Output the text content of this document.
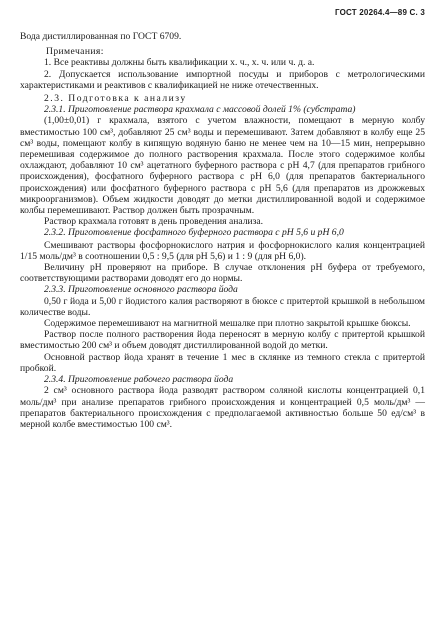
ГОСТ 20264.4—89 С. 3

Вода дистиллированная по ГОСТ 6709.

Примечания:

1. Все реактивы должны быть квалификации х. ч., х. ч. или ч. д. а.

2. Допускается использование импортной посуды и приборов с метрологическими характеристиками и реактивов с квалификацией не ниже отечественных.

2.3. Подготовка к анализу

2.3.1. Приготовление раствора крахмала с массовой долей 1% (субстрата)

(1,00±0,01) г крахмала, взятого с учетом влажности, помещают в мерную колбу вместимостью 100 см³, добавляют 25 см³ воды и перемешивают. Затем добавляют в колбу еще 25 см³ воды, помещают колбу в кипящую водяную баню не менее чем на 10—15 мин, непрерывно перемешивая содержимое до полного растворения крахмала. После этого содержимое колбы охлаждают, добавляют 10 см³ ацетатного буферного раствора с pH 4,7 (для препаратов грибного происхождения), фосфатного буферного раствора с pH 6,0 (для препаратов бактериального происхождения) или фосфатного буферного раствора с pH 5,6 (для препаратов из дрожжевых микроорганизмов). Объем жидкости доводят до метки дистиллированной водой и содержимое колбы перемешивают. Раствор должен быть прозрачным.

Раствор крахмала готовят в день проведения анализа.

2.3.2. Приготовление фосфатного буферного раствора с pH 5,6 и pH 6,0

Смешивают растворы фосфорнокислого натрия и фосфорнокислого калия концентрацией 1/15 моль/дм³ в соотношении 0,5 : 9,5 (для pH 5,6) и 1 : 9 (для pH 6,0).

Величину pH проверяют на приборе. В случае отклонения pH буфера от требуемого, соответствующими растворами доводят его до нормы.

2.3.3. Приготовление основного раствора йода

0,50 г йода и 5,00 г йодистого калия растворяют в бюксе с притертой крышкой в небольшом количестве воды.

Содержимое перемешивают на магнитной мешалке при плотно закрытой крышке бюксы.

Раствор после полного растворения йода переносят в мерную колбу с притертой крышкой вместимостью 200 см³ и объем доводят дистиллированной водой до метки.

Основной раствор йода хранят в течение 1 мес в склянке из темного стекла с притертой пробкой.

2.3.4. Приготовление рабочего раствора йода

2 см³ основного раствора йода разводят раствором соляной кислоты концентрацией 0,1 моль/дм³ при анализе препаратов грибного происхождения и концентрацией 0,5 моль/дм³ — препаратов бактериального происхождения с предполагаемой активностью больше 50 ед/см³ в мерной колбе вместимостью 100 см³.
